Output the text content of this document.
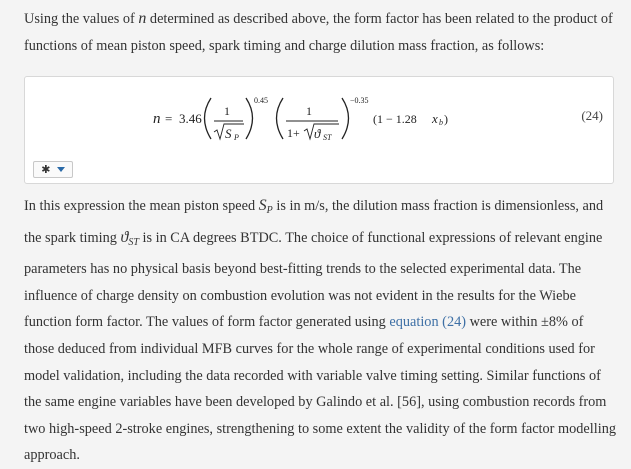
Using the values of n determined as described above, the form factor has been related to the product of functions of mean piston speed, spark timing and charge dilution mass fraction, as follows:

n = 3.46 1
S P
0.45
1
1+ ϑ ST
−0.35
(1 − 1.28 x b )	(24)
✱

In this expression the mean piston speed $S_P$ is in m/s, the dilution mass fraction is dimensionless, and the spark timing $ϑ_{ST}$ is in CA degrees BTDC. The choice of functional expressions of relevant engine parameters has no physical basis beyond best-fitting trends to the selected experimental data. The influence of charge density on combustion evolution was not evident in the results for the Wiebe function form factor. The values of form factor generated using equation (24) were within ±8% of those deduced from individual MFB curves for the whole range of experimental conditions used for model validation, including the data recorded with variable valve timing setting. Similar functions of the same engine variables have been developed by Galindo et al. [56], using combustion records from two high-speed 2-stroke engines, strengthening to some extent the validity of the form factor modelling approach.
